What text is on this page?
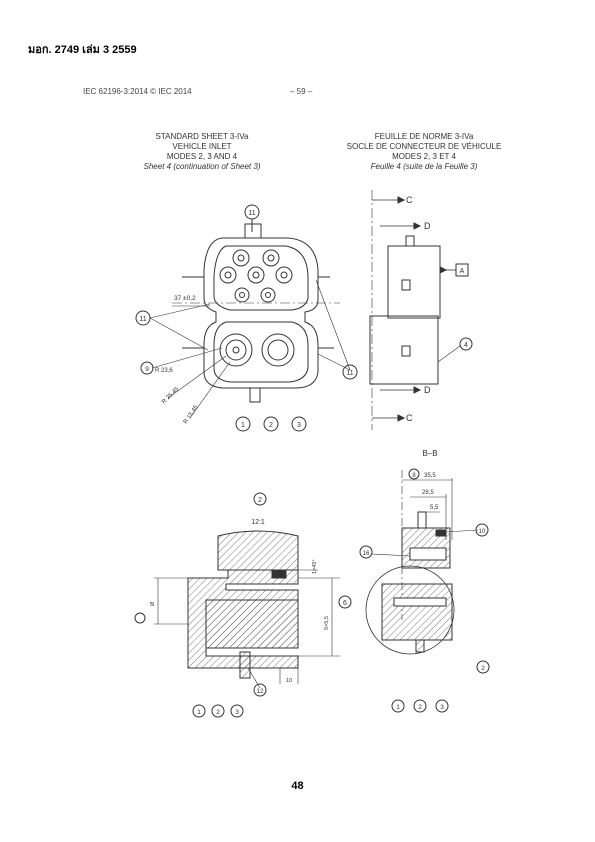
มอก. 2749 เล่ม 3 2559
IEC 62196-3:2014 © IEC 2014	– 59 –
STANDARD SHEET 3-IVa
VEHICLE INLET
MODES 2, 3 AND 4
Sheet 4 (continuation of Sheet 3)
FEUILLE DE NORME 3-IVa
SOCLE DE CONNECTEUR DE VÉHICULE
MODES 2, 3 ET 4
Feuille 4 (suite de la Feuille 3)
11
11
11
37 ±0,2
9 R 23,6
R 25,45
R 15,45
1	2	3
C
D
A
4
D
C
2
12:1
1×45°
5×5,5
6
Ø
12
10
1 2 3
B–B
8 35,5
28,5
5,5
10
16
2
1	2	3
48
